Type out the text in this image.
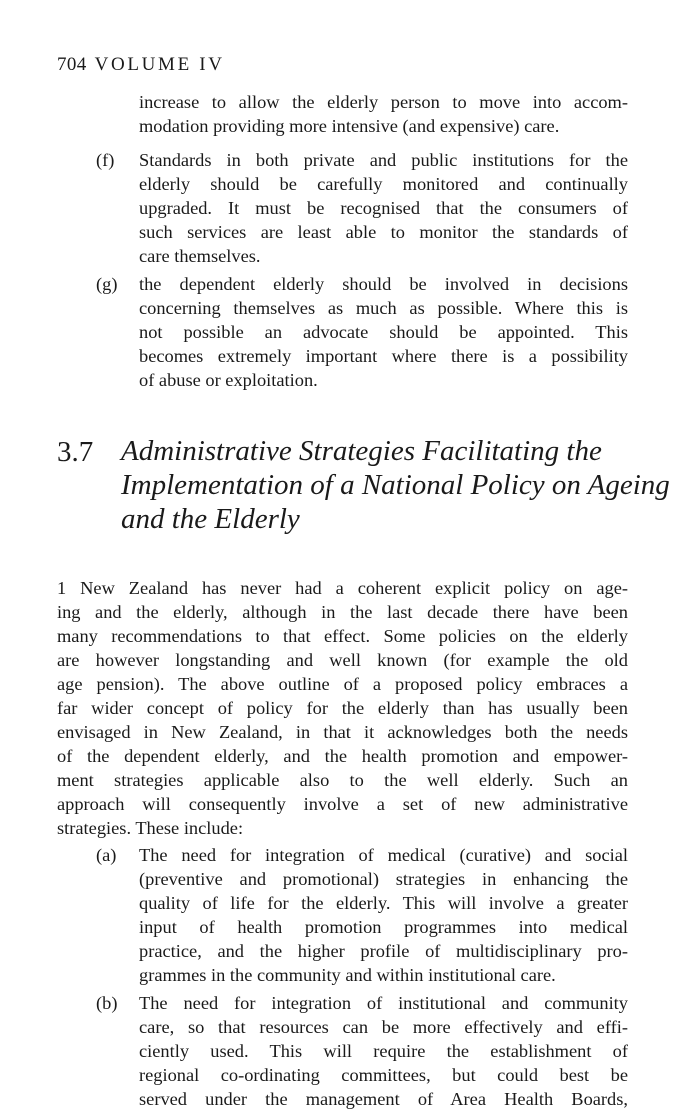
704 VOLUME IV
increase to allow the elderly person to move into accom-
modation providing more intensive (and expensive) care.
(f) Standards in both private and public institutions for the
elderly should be carefully monitored and continually
upgraded. It must be recognised that the consumers of
such services are least able to monitor the standards of
care themselves.
(g) the dependent elderly should be involved in decisions
concerning themselves as much as possible. Where this is
not possible an advocate should be appointed. This
becomes extremely important where there is a possibility
of abuse or exploitation.
3.7 Administrative Strategies Facilitating the
Implementation of a National Policy on Ageing
and the Elderly
1 New Zealand has never had a coherent explicit policy on age-
ing and the elderly, although in the last decade there have been
many recommendations to that effect. Some policies on the elderly
are however longstanding and well known (for example the old
age pension). The above outline of a proposed policy embraces a
far wider concept of policy for the elderly than has usually been
envisaged in New Zealand, in that it acknowledges both the needs
of the dependent elderly, and the health promotion and empower-
ment strategies applicable also to the well elderly. Such an
approach will consequently involve a set of new administrative
strategies. These include:
(a) The need for integration of medical (curative) and social
(preventive and promotional) strategies in enhancing the
quality of life for the elderly. This will involve a greater
input of health promotion programmes into medical
practice, and the higher profile of multidisciplinary pro-
grammes in the community and within institutional care.
(b) The need for integration of institutional and community
care, so that resources can be more effectively and effi-
ciently used. This will require the establishment of
regional co-ordinating committees, but could best be
served under the management of Area Health Boards,
